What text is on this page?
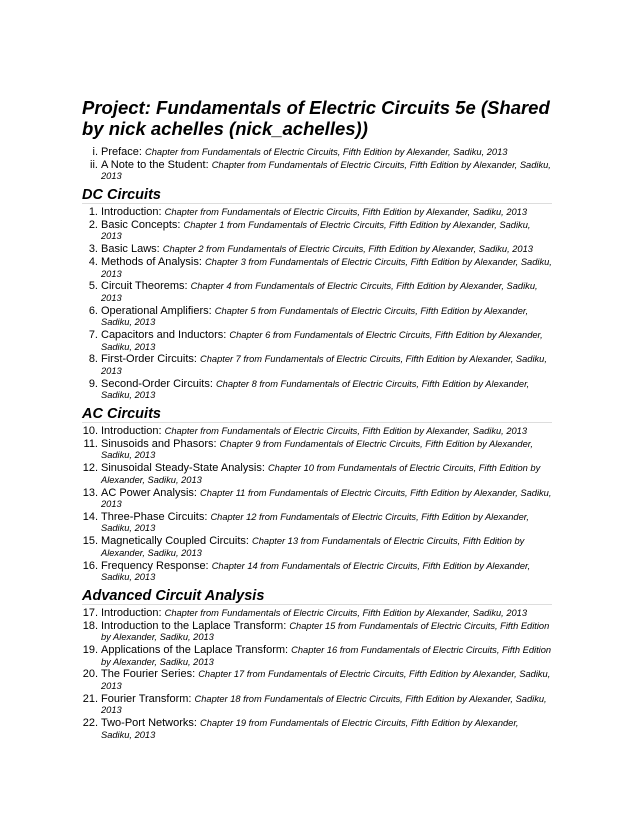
Project: Fundamentals of Electric Circuits 5e (Shared by nick achelles (nick_achelles))
i. Preface: Chapter from Fundamentals of Electric Circuits, Fifth Edition by Alexander, Sadiku, 2013
ii. A Note to the Student: Chapter from Fundamentals of Electric Circuits, Fifth Edition by Alexander, Sadiku, 2013
DC Circuits
1. Introduction: Chapter from Fundamentals of Electric Circuits, Fifth Edition by Alexander, Sadiku, 2013
2. Basic Concepts: Chapter 1 from Fundamentals of Electric Circuits, Fifth Edition by Alexander, Sadiku, 2013
3. Basic Laws: Chapter 2 from Fundamentals of Electric Circuits, Fifth Edition by Alexander, Sadiku, 2013
4. Methods of Analysis: Chapter 3 from Fundamentals of Electric Circuits, Fifth Edition by Alexander, Sadiku, 2013
5. Circuit Theorems: Chapter 4 from Fundamentals of Electric Circuits, Fifth Edition by Alexander, Sadiku, 2013
6. Operational Amplifiers: Chapter 5 from Fundamentals of Electric Circuits, Fifth Edition by Alexander, Sadiku, 2013
7. Capacitors and Inductors: Chapter 6 from Fundamentals of Electric Circuits, Fifth Edition by Alexander, Sadiku, 2013
8. First-Order Circuits: Chapter 7 from Fundamentals of Electric Circuits, Fifth Edition by Alexander, Sadiku, 2013
9. Second-Order Circuits: Chapter 8 from Fundamentals of Electric Circuits, Fifth Edition by Alexander, Sadiku, 2013
AC Circuits
10. Introduction: Chapter from Fundamentals of Electric Circuits, Fifth Edition by Alexander, Sadiku, 2013
11. Sinusoids and Phasors: Chapter 9 from Fundamentals of Electric Circuits, Fifth Edition by Alexander, Sadiku, 2013
12. Sinusoidal Steady-State Analysis: Chapter 10 from Fundamentals of Electric Circuits, Fifth Edition by Alexander, Sadiku, 2013
13. AC Power Analysis: Chapter 11 from Fundamentals of Electric Circuits, Fifth Edition by Alexander, Sadiku, 2013
14. Three-Phase Circuits: Chapter 12 from Fundamentals of Electric Circuits, Fifth Edition by Alexander, Sadiku, 2013
15. Magnetically Coupled Circuits: Chapter 13 from Fundamentals of Electric Circuits, Fifth Edition by Alexander, Sadiku, 2013
16. Frequency Response: Chapter 14 from Fundamentals of Electric Circuits, Fifth Edition by Alexander, Sadiku, 2013
Advanced Circuit Analysis
17. Introduction: Chapter from Fundamentals of Electric Circuits, Fifth Edition by Alexander, Sadiku, 2013
18. Introduction to the Laplace Transform: Chapter 15 from Fundamentals of Electric Circuits, Fifth Edition by Alexander, Sadiku, 2013
19. Applications of the Laplace Transform: Chapter 16 from Fundamentals of Electric Circuits, Fifth Edition by Alexander, Sadiku, 2013
20. The Fourier Series: Chapter 17 from Fundamentals of Electric Circuits, Fifth Edition by Alexander, Sadiku, 2013
21. Fourier Transform: Chapter 18 from Fundamentals of Electric Circuits, Fifth Edition by Alexander, Sadiku, 2013
22. Two-Port Networks: Chapter 19 from Fundamentals of Electric Circuits, Fifth Edition by Alexander, Sadiku, 2013
